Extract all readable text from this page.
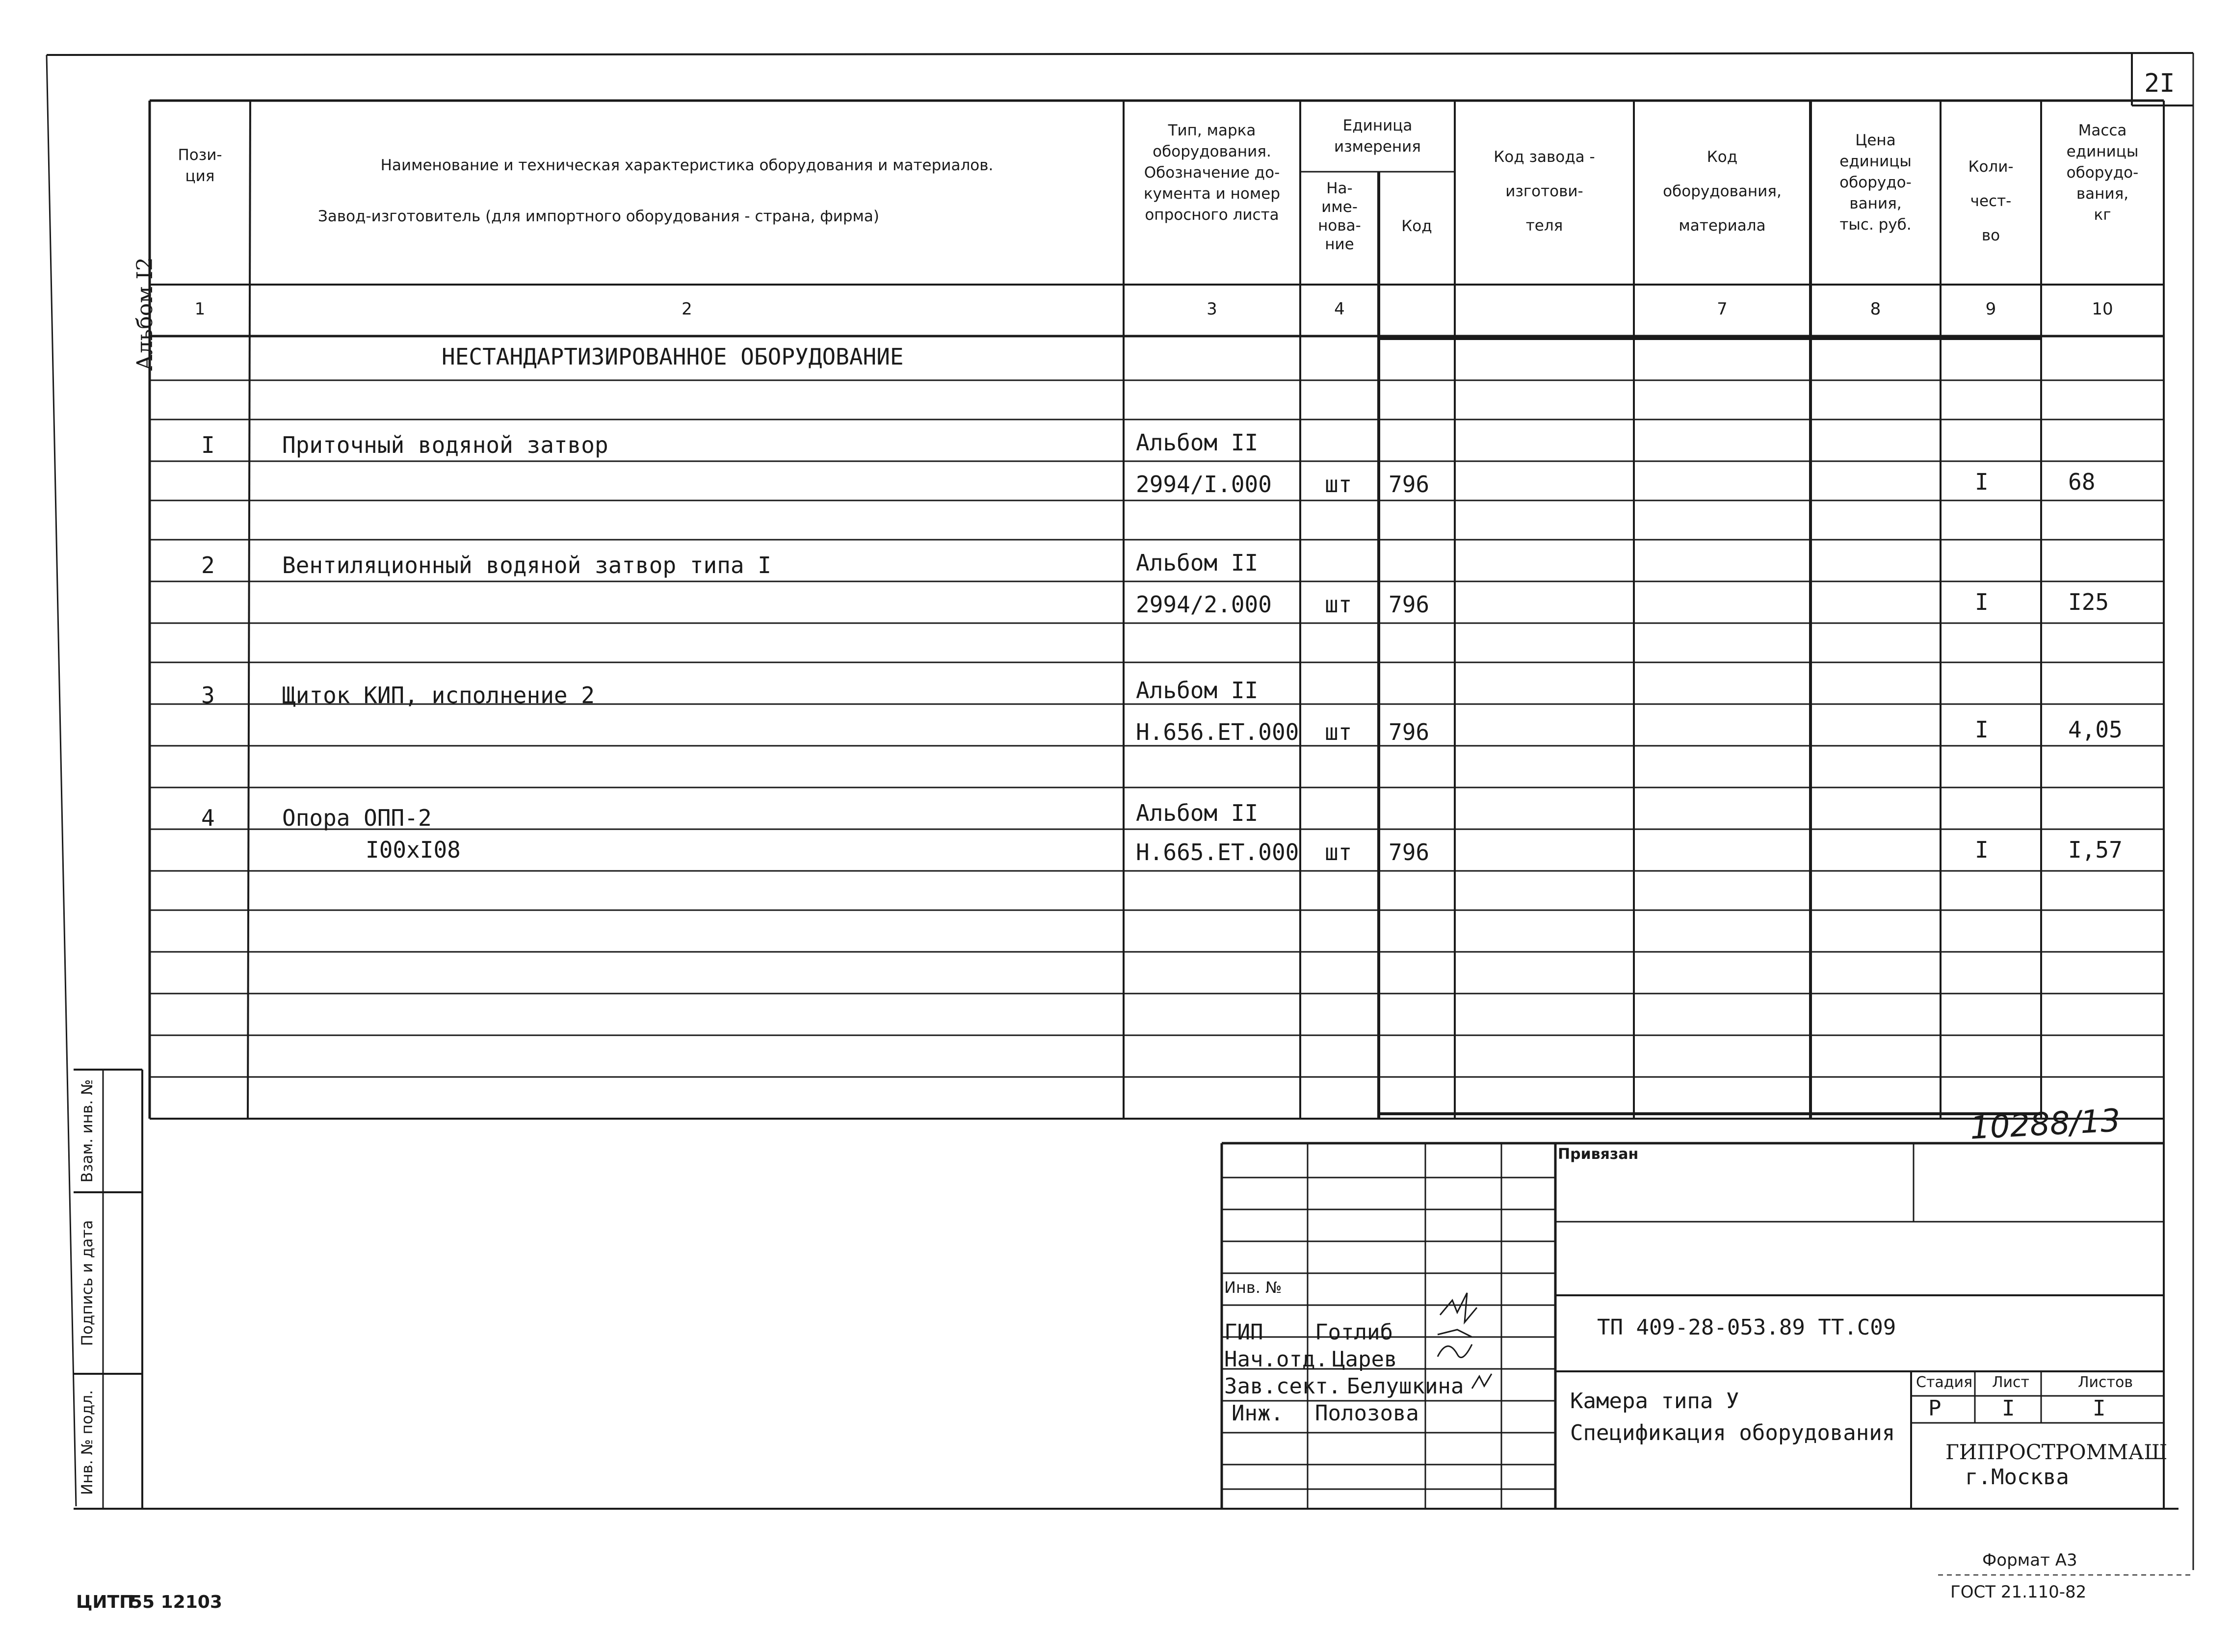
2I
Альбом I2
Пози-
ция
Наименование и техническая характеристика оборудования и материалов.
Завод-изготовитель (для импортного оборудования - страна, фирма)
Тип, марка
оборудования.
Обозначение до-
кумента и номер
опросного листа
Единица
измерения
На-
име-
нова-
ние
Код
Код завода -
изготови-
теля
Код
оборудования,
материала
Цена
единицы
оборудо-
вания,
тыс. руб.
Коли-
чест-
во
Масса
единицы
оборудо-
вания,
кг
1	2	3	4	7	8	9	10
НЕСТАНДАРТИЗИРОВАННОЕ ОБОРУДОВАНИЕ
I	Приточный водяной затвор	Альбом II
2994/I.000 шт 796	I	68
2	Вентиляционный водяной затвор типа I	Альбом II
2994/2.000 шт 796	I	I25
3	Щиток КИП, исполнение 2	Альбом II
Н.656.ЕТ.000 шт 796	I	4,05
4	Опора ОПП-2
I00xI08
Альбом II
Н.665.ЕТ.000 шт 796	I	I,57
10288/13
Взам. инв. №
Подпись и дата
Инв. № подл.
Привязан
Инв. №
ГИП Готлиб
Нач.отд. Царев
Зав.сект. Белушкина
Инж. Полозова
ТП 409-28-053.89 ТТ.С09
Камера типа У
Спецификация оборудования
Стадия Лист	Листов
Р	I	I
ГИПРОСТРОММАШ
г.Москва
Формат А3
ГОСТ 21.110-82
ЦИТП
55 12103
